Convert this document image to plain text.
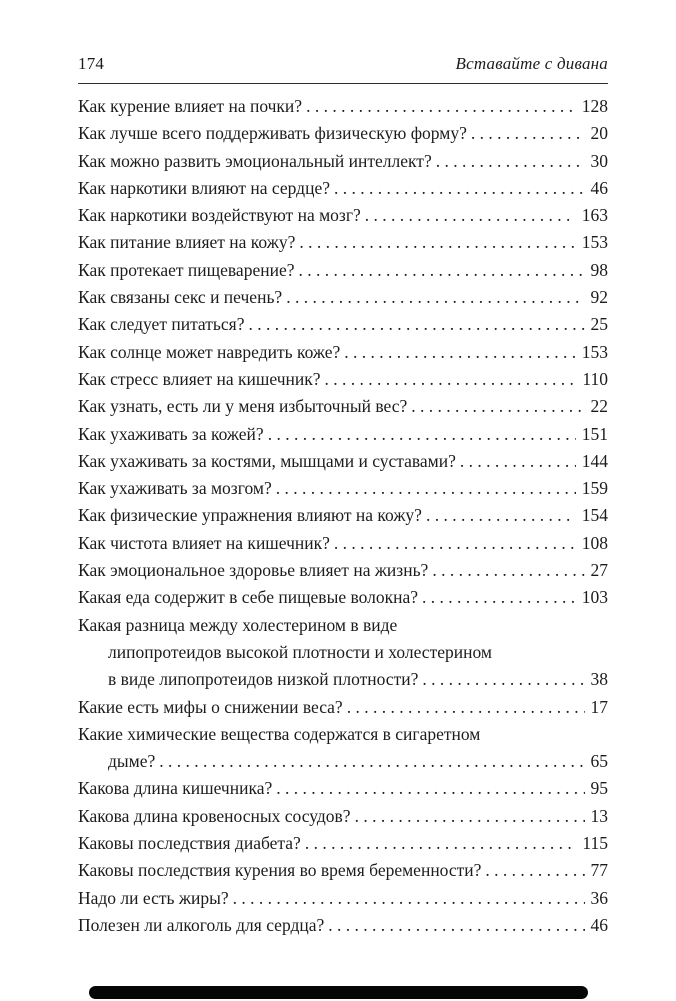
174	Вставайте с дивана
Как курение влияет на почки? . . .	128
Как лучше всего поддерживать физическую форму? . . .	20
Как можно развить эмоциональный интеллект? . . .	30
Как наркотики влияют на сердце? . . .	46
Как наркотики воздействуют на мозг? . . .	163
Как питание влияет на кожу? . . .	153
Как протекает пищеварение? . . .	98
Как связаны секс и печень? . . .	92
Как следует питаться? . . .	25
Как солнце может навредить коже? . . .	153
Как стресс влияет на кишечник? . . .	110
Как узнать, есть ли у меня избыточный вес? . . .	22
Как ухаживать за кожей? . . .	151
Как ухаживать за костями, мышцами и суставами? . . .	144
Как ухаживать за мозгом? . . .	159
Как физические упражнения влияют на кожу? . . .	154
Как чистота влияет на кишечник? . . .	108
Как эмоциональное здоровье влияет на жизнь? . . .	27
Какая еда содержит в себе пищевые волокна? . . .	103
Какая разница между холестерином в виде
липопротеидов высокой плотности и холестерином
в виде липопротеидов низкой плотности? . . .	38
Какие есть мифы о снижении веса? . . .	17
Какие химические вещества содержатся в сигаретном
дыме? . . .	65
Какова длина кишечника? . . .	95
Какова длина кровеносных сосудов? . . .	13
Каковы последствия диабета? . . .	115
Каковы последствия курения во время беременности? . . .	77
Надо ли есть жиры? . . .	36
Полезен ли алкоголь для сердца? . . .	46
